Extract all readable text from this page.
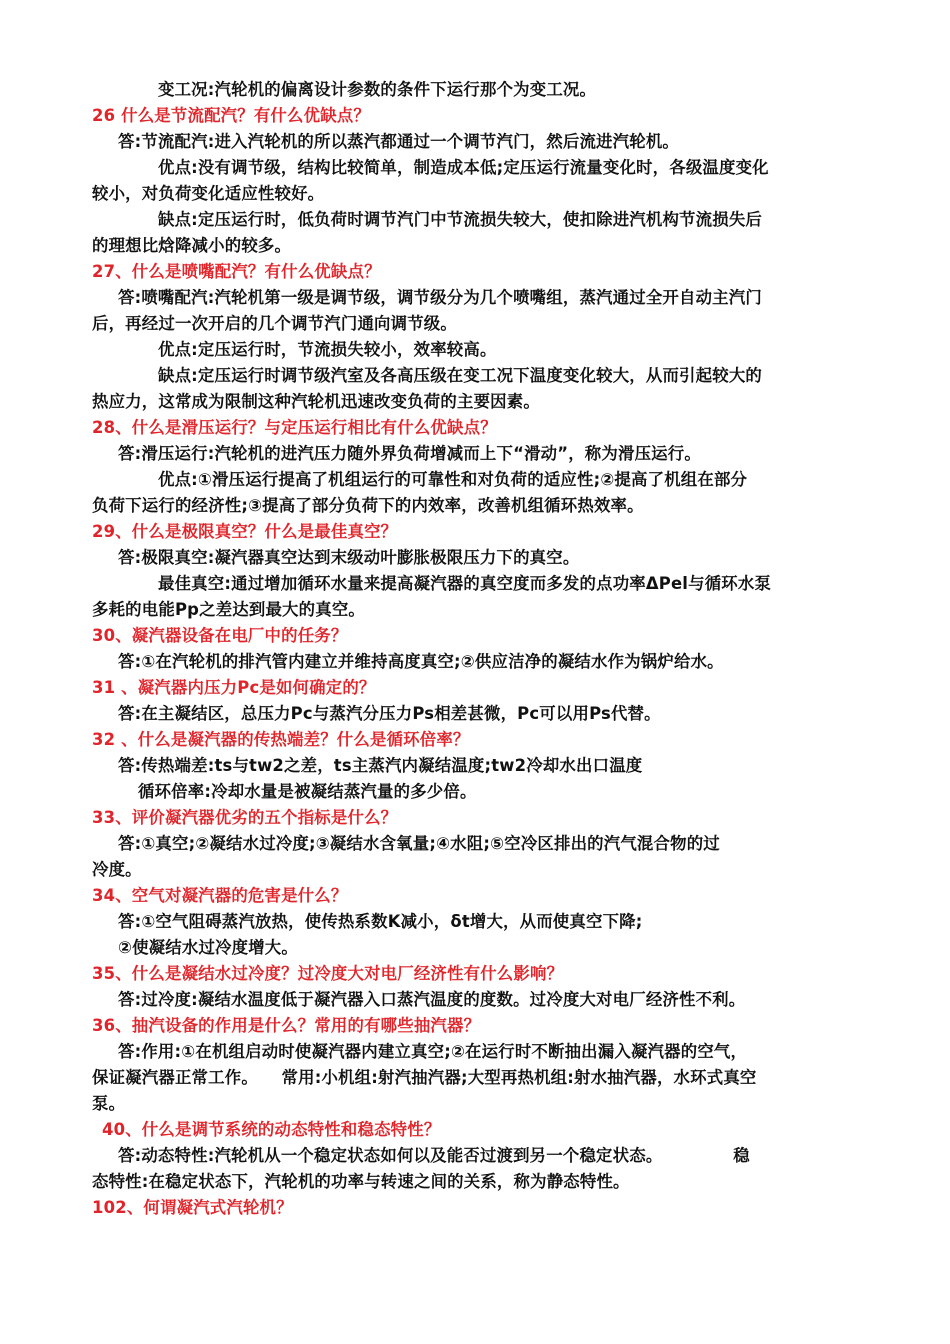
变工况:汽轮机的偏离设计参数的条件下运行那个为变工况。
26 什么是节流配汽？有什么优缺点？
答:节流配汽:进入汽轮机的所以蒸汽都通过一个调节汽门，然后流进汽轮机。
优点:没有调节级，结构比较简单，制造成本低;定压运行流量变化时，各级温度变化
较小，对负荷变化适应性较好。
缺点:定压运行时，低负荷时调节汽门中节流损失较大，使扣除进汽机构节流损失后
的理想比焓降减小的较多。
27、什么是喷嘴配汽？有什么优缺点？
答:喷嘴配汽:汽轮机第一级是调节级，调节级分为几个喷嘴组，蒸汽通过全开自动主汽门
后，再经过一次开启的几个调节汽门通向调节级。
优点:定压运行时，节流损失较小，效率较高。
缺点:定压运行时调节级汽室及各高压级在变工况下温度变化较大，从而引起较大的
热应力，这常成为限制这种汽轮机迅速改变负荷的主要因素。
28、什么是滑压运行？与定压运行相比有什么优缺点？
答:滑压运行:汽轮机的进汽压力随外界负荷增减而上下“滑动”，称为滑压运行。
优点:①滑压运行提高了机组运行的可靠性和对负荷的适应性;②提高了机组在部分
负荷下运行的经济性;③提高了部分负荷下的内效率，改善机组循环热效率。
29、什么是极限真空？什么是最佳真空？
答:极限真空:凝汽器真空达到末级动叶膨胀极限压力下的真空。
最佳真空:通过增加循环水量来提高凝汽器的真空度而多发的点功率ΔPel与循环水泵
多耗的电能Pp之差达到最大的真空。
30、凝汽器设备在电厂中的任务？
答:①在汽轮机的排汽管内建立并维持高度真空;②供应洁净的凝结水作为锅炉给水。
31 、凝汽器内压力Pc是如何确定的？
答:在主凝结区，总压力Pc与蒸汽分压力Ps相差甚微，Pc可以用Ps代替。
32 、什么是凝汽器的传热端差？什么是循环倍率？
答:传热端差:ts与tw2之差，ts主蒸汽内凝结温度;tw2冷却水出口温度
循环倍率:冷却水量是被凝结蒸汽量的多少倍。
33、评价凝汽器优劣的五个指标是什么？
答:①真空;②凝结水过冷度;③凝结水含氧量;④水阻;⑤空冷区排出的汽气混合物的过
冷度。
34、空气对凝汽器的危害是什么？
答:①空气阻碍蒸汽放热，使传热系数K减小，δt增大，从而使真空下降;
②使凝结水过冷度增大。
35、什么是凝结水过冷度？过冷度大对电厂经济性有什么影响？
答:过冷度:凝结水温度低于凝汽器入口蒸汽温度的度数。过冷度大对电厂经济性不利。
36、抽汽设备的作用是什么？常用的有哪些抽汽器？
答:作用:①在机组启动时使凝汽器内建立真空;②在运行时不断抽出漏入凝汽器的空气，
保证凝汽器正常工作。    常用:小机组:射汽抽汽器;大型再热机组:射水抽汽器，水环式真空
泵。
40、什么是调节系统的动态特性和稳态特性？
答:动态特性:汽轮机从一个稳定状态如何以及能否过渡到另一个稳定状态。            稳
态特性:在稳定状态下，汽轮机的功率与转速之间的关系，称为静态特性。
102、何谓凝汽式汽轮机？
